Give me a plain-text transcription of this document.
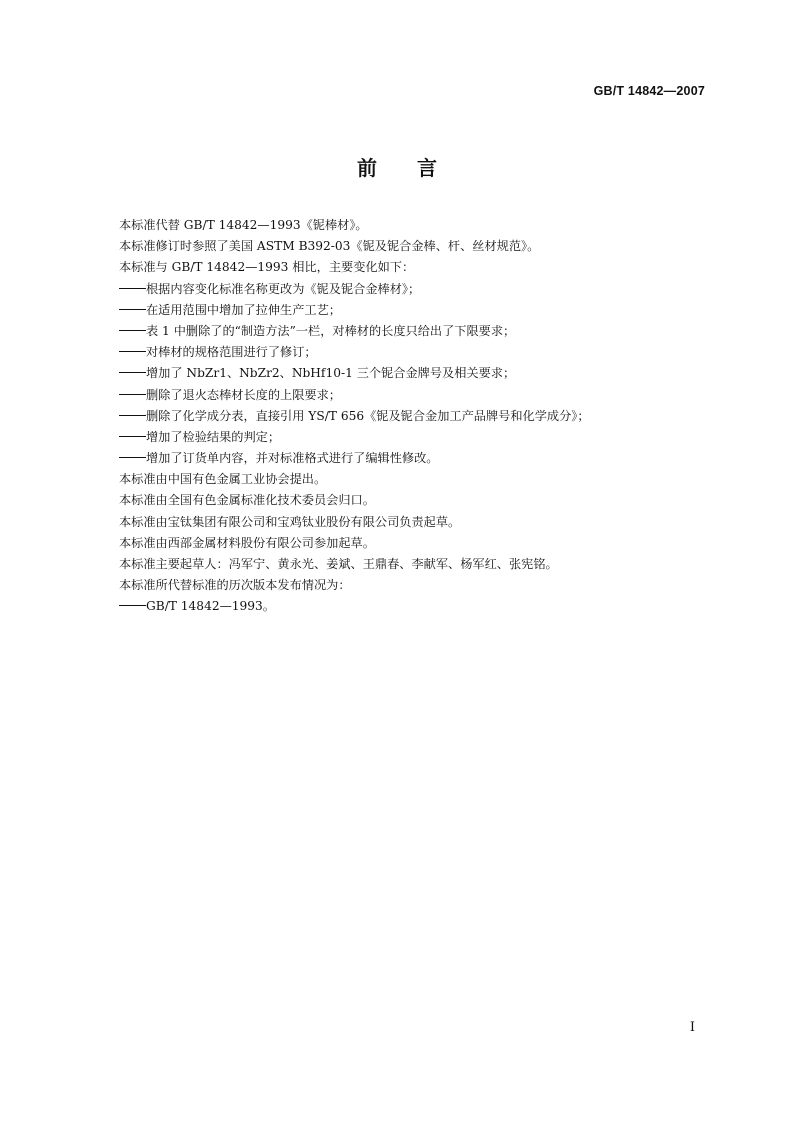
GB/T 14842—2007
前言
本标准代替 GB/T 14842—1993《铌棒材》。
本标准修订时参照了美国 ASTM B392-03《铌及铌合金棒、杆、丝材规范》。
本标准与 GB/T 14842—1993 相比，主要变化如下：
根据内容变化标准名称更改为《铌及铌合金棒材》；
在适用范围中增加了拉伸生产工艺；
表 1 中删除了的“制造方法”一栏，对棒材的长度只给出了下限要求；
对棒材的规格范围进行了修订；
增加了 NbZr1、NbZr2、NbHf10-1 三个铌合金牌号及相关要求；
删除了退火态棒材长度的上限要求；
删除了化学成分表，直接引用 YS/T 656《铌及铌合金加工产品牌号和化学成分》；
增加了检验结果的判定；
增加了订货单内容，并对标准格式进行了编辑性修改。
本标准由中国有色金属工业协会提出。
本标准由全国有色金属标准化技术委员会归口。
本标准由宝钛集团有限公司和宝鸡钛业股份有限公司负责起草。
本标准由西部金属材料股份有限公司参加起草。
本标准主要起草人：冯军宁、黄永光、姜斌、王鼎春、李献军、杨军红、张宪铭。
本标准所代替标准的历次版本发布情况为：
GB/T 14842—1993。
I
